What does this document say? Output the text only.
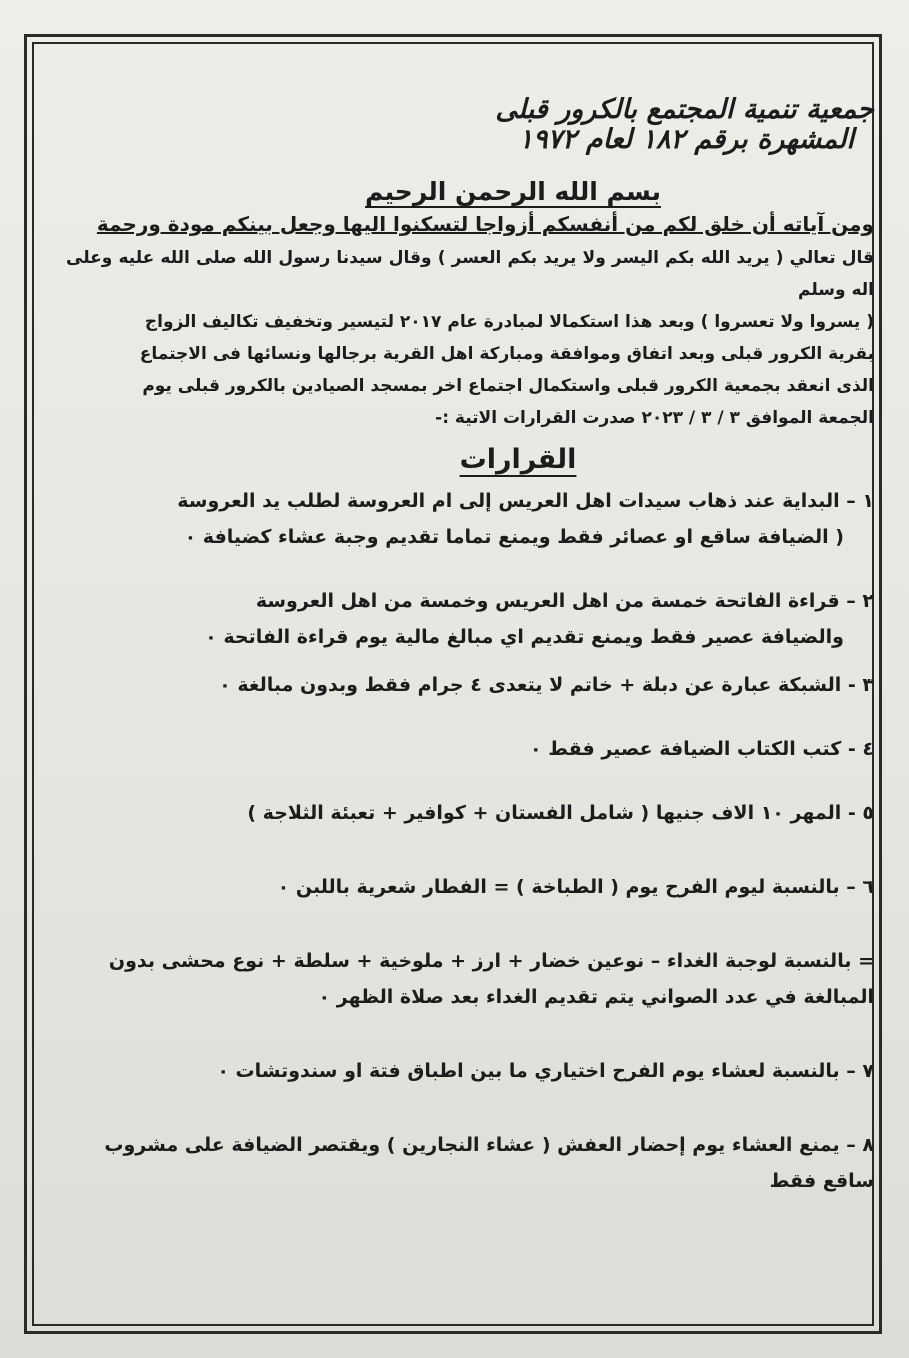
جمعية تنمية المجتمع بالكرور قبلى
المشهرة برقم ١٨٢ لعام ١٩٧٢
بسم الله الرحمن الرحيم
ومن آياته أن خلق لكم من أنفسكم أزواجا لتسكنوا اليها وجعل بينكم مودة ورحمة
قال تعالي ( يريد الله بكم اليسر ولا يريد بكم العسر ) وقال سيدنا رسول الله صلى الله عليه وعلى اله وسلم
( يسروا ولا تعسروا ) وبعد هذا استكمالا لمبادرة عام ٢٠١٧ لتيسير وتخفيف تكاليف الزواج
بقرية الكرور قبلى وبعد اتفاق وموافقة ومباركة اهل القرية برجالها ونسائها فى الاجتماع
الذى انعقد بجمعية الكرور قبلى واستكمال اجتماع اخر بمسجد الصيادين بالكرور قبلى يوم
الجمعة الموافق ٣ / ٣ / ٢٠٢٣ صدرت القرارات الاتية :-
القرارات
١ – البداية عند ذهاب سيدات اهل العريس إلى ام العروسة لطلب يد العروسة
( الضيافة ساقع او عصائر فقط ويمنع تماما تقديم وجبة عشاء كضيافة ٠
٢ – قراءة الفاتحة خمسة من اهل العريس وخمسة من اهل العروسة
والضيافة عصير فقط ويمنع تقديم اي مبالغ مالية يوم قراءة الفاتحة ٠
٣ - الشبكة عبارة عن دبلة + خاتم لا يتعدى ٤ جرام فقط وبدون مبالغة ٠
٤ - كتب الكتاب الضيافة عصير فقط ٠
٥ - المهر ١٠ الاف جنيها ( شامل الفستان + كوافير + تعبئة الثلاجة )
٦ – بالنسبة ليوم الفرح يوم ( الطباخة ) = الفطار شعرية باللبن ٠
= بالنسبة لوجبة الغداء – نوعين خضار + ارز + ملوخية + سلطة + نوع محشى بدون
المبالغة في عدد الصواني يتم تقديم الغداء بعد صلاة الظهر ٠
٧ – بالنسبة لعشاء يوم الفرح اختياري ما بين اطباق فتة او سندوتشات ٠
٨ – يمنع العشاء يوم إحضار العفش ( عشاء النجارين ) ويقتصر الضيافة على مشروب ساقع فقط
